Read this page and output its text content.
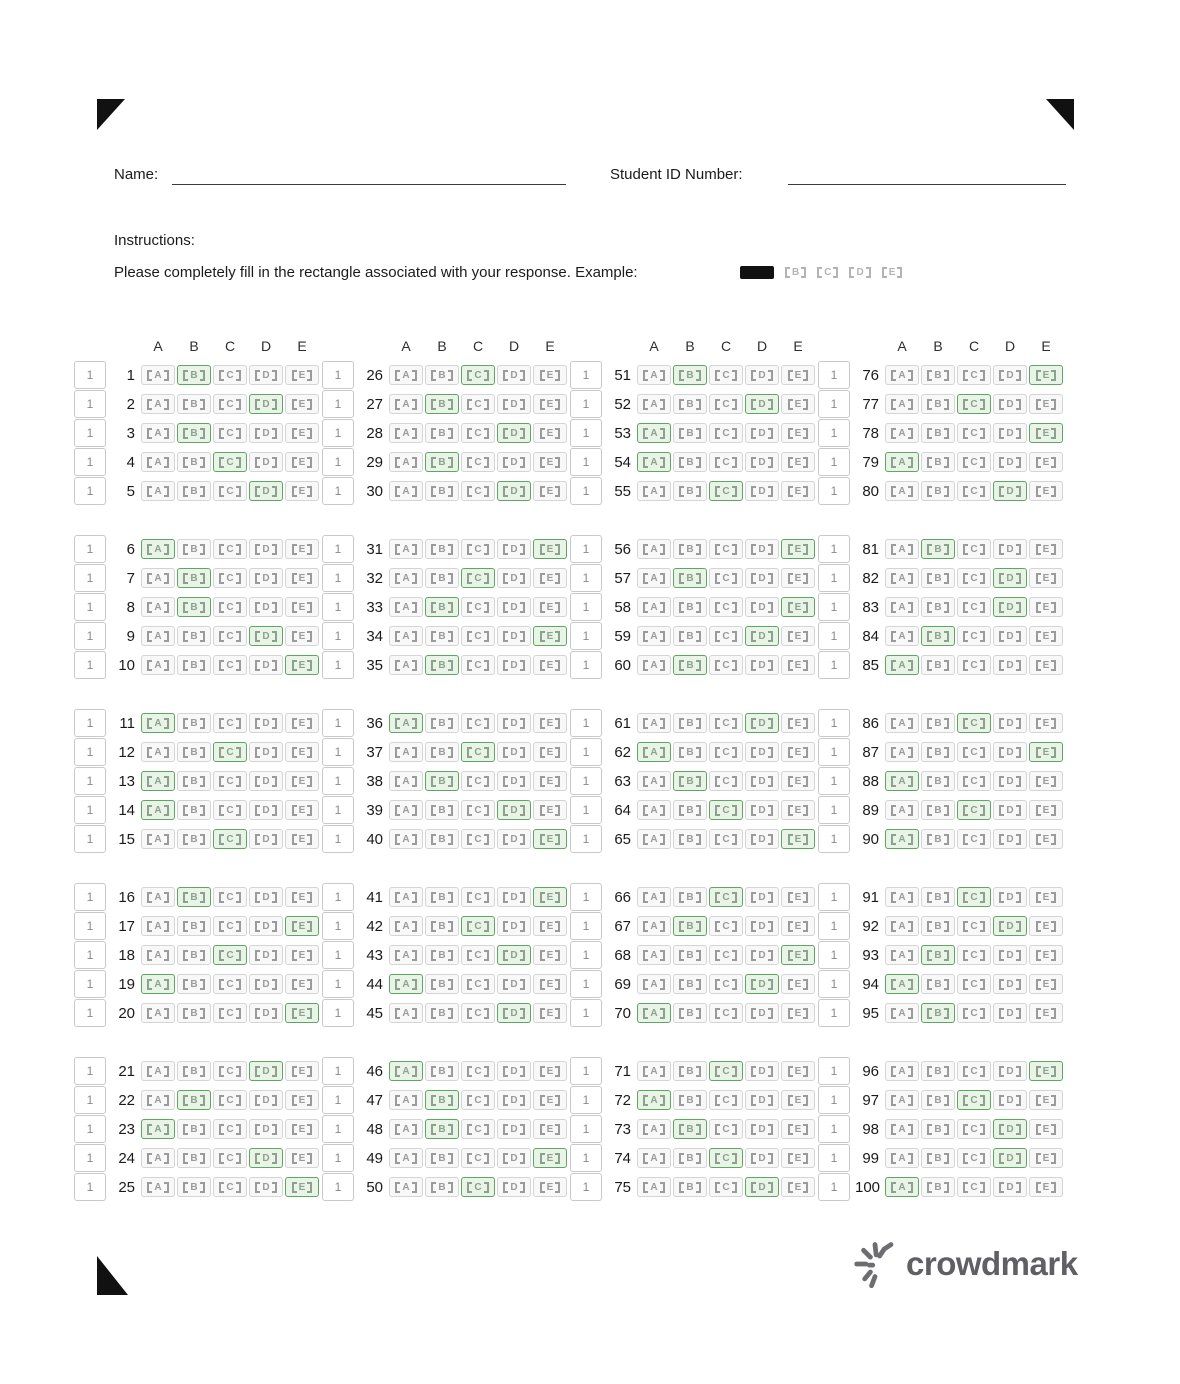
Name:	Student ID Number:
Instructions:
Please completely fill in the rectangle associated with your response. Example:	B	C	D	E
A	B	C	D	E	A	B	C	D	E	A	B	C	D	E	A	B	C	D	E
1	1 A	B	C	D	E	1	26 A	B	C	D	E	1	51 A	B	C	D	E	1	76 A	B	C	D	E
1	2 A	B	C	D	E	1	27 A	B	C	D	E	1	52 A	B	C	D	E	1	77 A	B	C	D	E
1	3 A	B	C	D	E	1	28 A	B	C	D	E	1	53 A	B	C	D	E	1	78 A	B	C	D	E
1	4 A	B	C	D	E	1	29 A	B	C	D	E	1	54 A	B	C	D	E	1	79 A	B	C	D	E
1	5 A	B	C	D	E	1	30 A	B	C	D	E	1	55 A	B	C	D	E	1	80 A	B	C	D	E
1	6 A	B	C	D	E	1	31 A	B	C	D	E	1	56 A	B	C	D	E	1	81 A	B	C	D	E
1	7 A	B	C	D	E	1	32 A	B	C	D	E	1	57 A	B	C	D	E	1	82 A	B	C	D	E
1	8 A	B	C	D	E	1	33 A	B	C	D	E	1	58 A	B	C	D	E	1	83 A	B	C	D	E
1	9 A	B	C	D	E	1	34 A	B	C	D	E	1	59 A	B	C	D	E	1	84 A	B	C	D	E
1	10 A	B	C	D	E	1	35 A	B	C	D	E	1	60 A	B	C	D	E	1	85 A	B	C	D	E
1	11 A	B	C	D	E	1	36 A	B	C	D	E	1	61 A	B	C	D	E	1	86 A	B	C	D	E
1	12 A	B	C	D	E	1	37 A	B	C	D	E	1	62 A	B	C	D	E	1	87 A	B	C	D	E
1	13 A	B	C	D	E	1	38 A	B	C	D	E	1	63 A	B	C	D	E	1	88 A	B	C	D	E
1	14 A	B	C	D	E	1	39 A	B	C	D	E	1	64 A	B	C	D	E	1	89 A	B	C	D	E
1	15 A	B	C	D	E	1	40 A	B	C	D	E	1	65 A	B	C	D	E	1	90 A	B	C	D	E
1	16 A	B	C	D	E	1	41 A	B	C	D	E	1	66 A	B	C	D	E	1	91 A	B	C	D	E
1	17 A	B	C	D	E	1	42 A	B	C	D	E	1	67 A	B	C	D	E	1	92 A	B	C	D	E
1	18 A	B	C	D	E	1	43 A	B	C	D	E	1	68 A	B	C	D	E	1	93 A	B	C	D	E
1	19 A	B	C	D	E	1	44 A	B	C	D	E	1	69 A	B	C	D	E	1	94 A	B	C	D	E
1	20 A	B	C	D	E	1	45 A	B	C	D	E	1	70 A	B	C	D	E	1	95 A	B	C	D	E
1	21 A	B	C	D	E	1	46 A	B	C	D	E	1	71 A	B	C	D	E	1	96 A	B	C	D	E
1	22 A	B	C	D	E	1	47 A	B	C	D	E	1	72 A	B	C	D	E	1	97 A	B	C	D	E
1	23 A	B	C	D	E	1	48 A	B	C	D	E	1	73 A	B	C	D	E	1	98 A	B	C	D	E
1	24 A	B	C	D	E	1	49 A	B	C	D	E	1	74 A	B	C	D	E	1	99 A	B	C	D	E
1	25 A	B	C	D	E	1	50 A	B	C	D	E	1	75 A	B	C	D	E	1	100 A	B	C	D	E
crowdmark
